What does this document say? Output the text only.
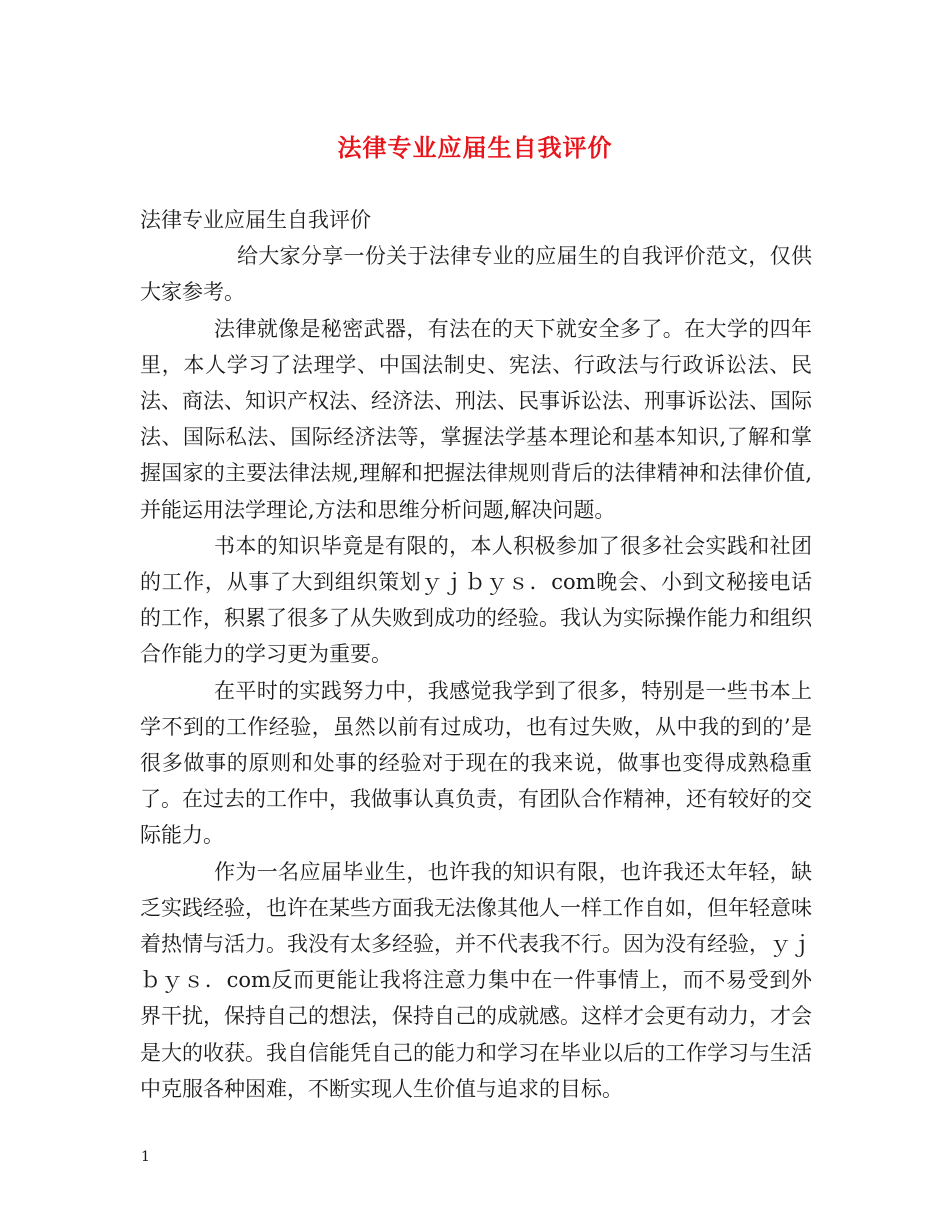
法律专业应届生自我评价

法律专业应届生自我评价

给大家分享一份关于法律专业的应届生的自我评价范文，仅供大家参考。

法律就像是秘密武器，有法在的天下就安全多了。在大学的四年里，本人学习了法理学、中国法制史、宪法、行政法与行政诉讼法、民法、商法、知识产权法、经济法、刑法、民事诉讼法、刑事诉讼法、国际法、国际私法、国际经济法等，掌握法学基本理论和基本知识,了解和掌握国家的主要法律法规,理解和把握法律规则背后的法律精神和法律价值,并能运用法学理论,方法和思维分析问题,解决问题。

书本的知识毕竟是有限的，本人积极参加了很多社会实践和社团的工作，从事了大到组织策划ｙｊｂｙｓ．com晚会、小到文秘接电话的工作，积累了很多了从失败到成功的经验。我认为实际操作能力和组织合作能力的学习更为重要。

在平时的实践努力中，我感觉我学到了很多，特别是一些书本上学不到的工作经验，虽然以前有过成功，也有过失败，从中我的到的’是很多做事的原则和处事的经验对于现在的我来说，做事也变得成熟稳重了。在过去的工作中，我做事认真负责，有团队合作精神，还有较好的交际能力。

作为一名应届毕业生，也许我的知识有限，也许我还太年轻，缺乏实践经验，也许在某些方面我无法像其他人一样工作自如，但年轻意味着热情与活力。我没有太多经验，并不代表我不行。因为没有经验，ｙｊｂｙｓ．com反而更能让我将注意力集中在一件事情上，而不易受到外界干扰，保持自己的想法，保持自己的成就感。这样才会更有动力，才会是大的收获。我自信能凭自己的能力和学习在毕业以后的工作学习与生活中克服各种困难，不断实现人生价值与追求的目标。

1
